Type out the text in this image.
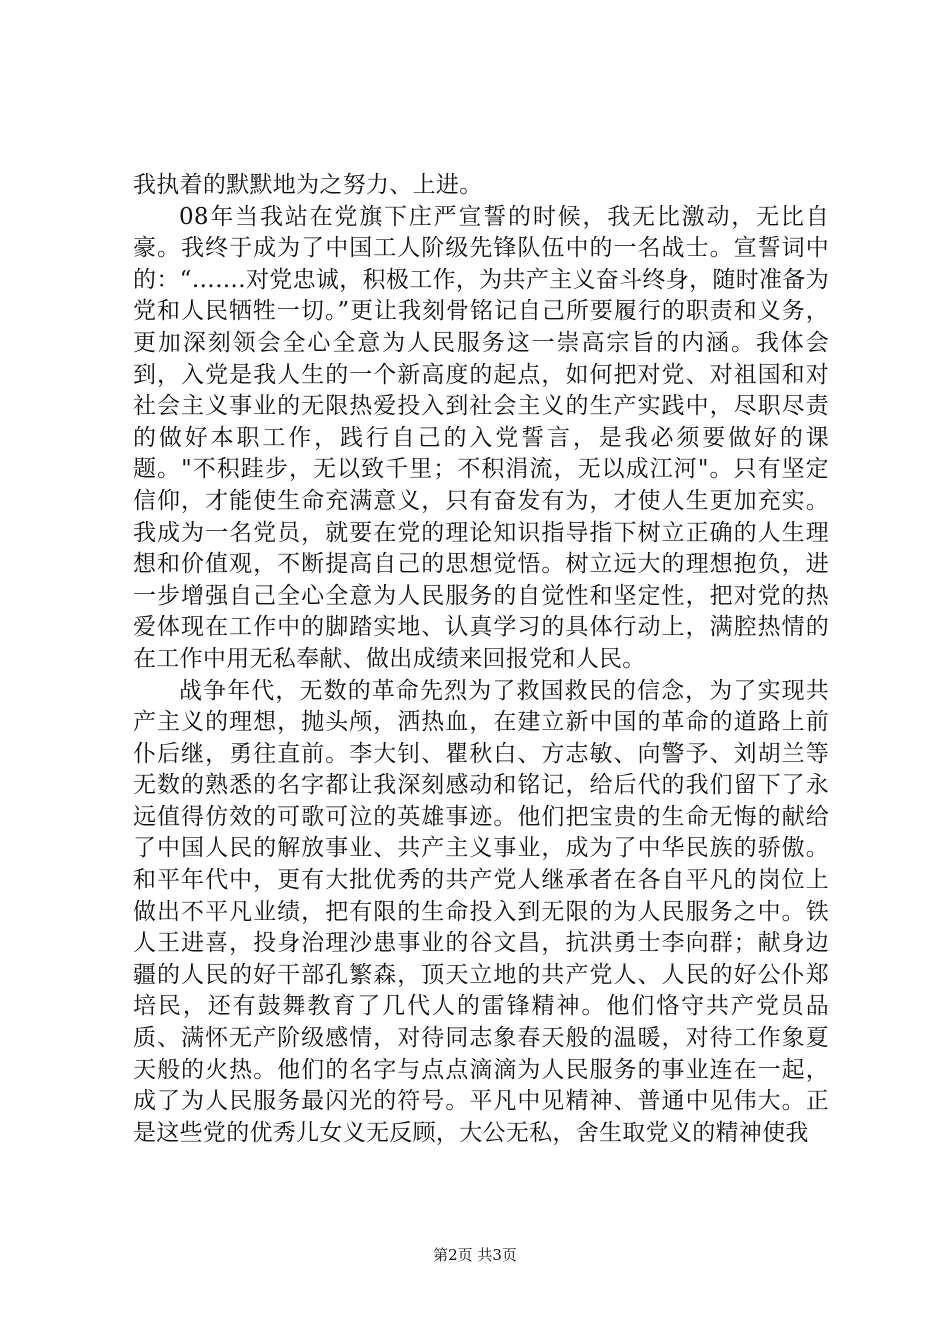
我执着的默默地为之努力、上进。

08年当我站在党旗下庄严宣誓的时候，我无比激动，无比自豪。我终于成为了中国工人阶级先锋队伍中的一名战士。宣誓词中的：“…….对党忠诚，积极工作，为共产主义奋斗终身，随时准备为党和人民牺牲一切。”更让我刻骨铭记自己所要履行的职责和义务，更加深刻领会全心全意为人民服务这一崇高宗旨的内涵。我体会到，入党是我人生的一个新高度的起点，如何把对党、对祖国和对社会主义事业的无限热爱投入到社会主义的生产实践中，尽职尽责的做好本职工作，践行自己的入党誓言，是我必须要做好的课题。"不积跬步，无以致千里；不积涓流，无以成江河"。只有坚定信仰，才能使生命充满意义，只有奋发有为，才使人生更加充实。我成为一名党员，就要在党的理论知识指导指下树立正确的人生理想和价值观，不断提高自己的思想觉悟。树立远大的理想抱负，进一步增强自己全心全意为人民服务的自觉性和坚定性，把对党的热爱体现在工作中的脚踏实地、认真学习的具体行动上，满腔热情的在工作中用无私奉献、做出成绩来回报党和人民。

战争年代，无数的革命先烈为了救国救民的信念，为了实现共产主义的理想，抛头颅，洒热血，在建立新中国的革命的道路上前仆后继，勇往直前。李大钊、瞿秋白、方志敏、向警予、刘胡兰等无数的熟悉的名字都让我深刻感动和铭记，给后代的我们留下了永远值得仿效的可歌可泣的英雄事迹。他们把宝贵的生命无悔的献给了中国人民的解放事业、共产主义事业，成为了中华民族的骄傲。和平年代中，更有大批优秀的共产党人继承者在各自平凡的岗位上做出不平凡业绩，把有限的生命投入到无限的为人民服务之中。铁人王进喜，投身治理沙患事业的谷文昌，抗洪勇士李向群；献身边疆的人民的好干部孔繁森，顶天立地的共产党人、人民的好公仆郑培民，还有鼓舞教育了几代人的雷锋精神。他们恪守共产党员品质、满怀无产阶级感情，对待同志象春天般的温暖，对待工作象夏天般的火热。他们的名字与点点滴滴为人民服务的事业连在一起，成了为人民服务最闪光的符号。平凡中见精神、普通中见伟大。正是这些党的优秀儿女义无反顾，大公无私，舍生取党义的精神使我

第2页 共3页
